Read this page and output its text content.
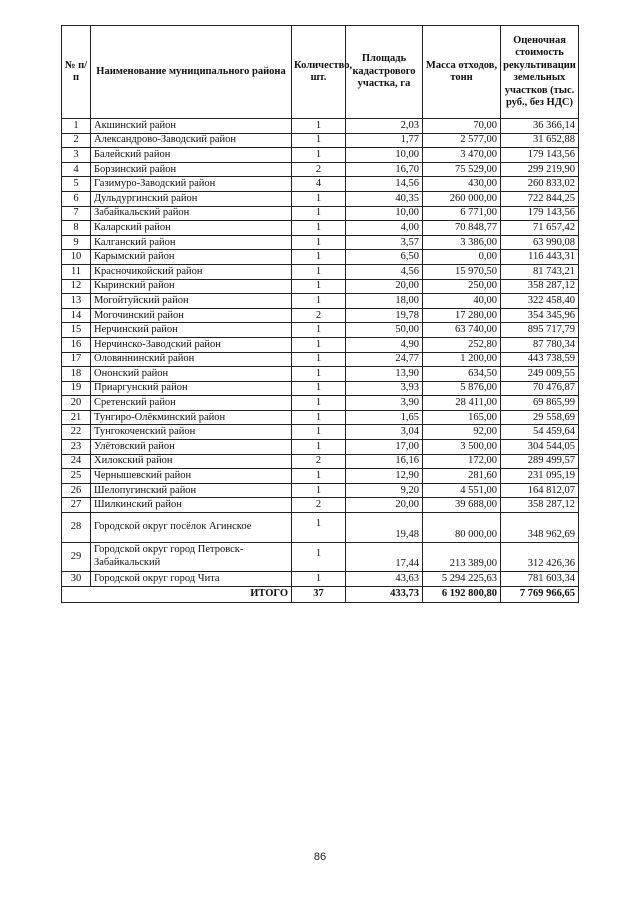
№ п/п	Наименование муниципального района	Количество, шт.	Площадь кадастрового участка, га	Масса отходов, тонн	Оценочная стоимость рекультивации земельных участков (тыс. руб., без НДС)
1	Акшинский район	1	2,03	70,00	36 366,14
2	Александрово-Заводский район	1	1,77	2 577,00	31 652,88
3	Балейский район	1	10,00	3 470,00	179 143,56
4	Борзинский район	2	16,70	75 529,00	299 219,90
5	Газимуро-Заводский район	4	14,56	430,00	260 833,02
6	Дульдургинский район	1	40,35	260 000,00	722 844,25
7	Забайкальский район	1	10,00	6 771,00	179 143,56
8	Каларский район	1	4,00	70 848,77	71 657,42
9	Калганский район	1	3,57	3 386,00	63 990,08
10	Карымский район	1	6,50	0,00	116 443,31
11	Красночикойский район	1	4,56	15 970,50	81 743,21
12	Кыринский район	1	20,00	250,00	358 287,12
13	Могойтуйский район	1	18,00	40,00	322 458,40
14	Могочинский район	2	19,78	17 280,00	354 345,96
15	Нерчинский район	1	50,00	63 740,00	895 717,79
16	Нерчинско-Заводский район	1	4,90	252,80	87 780,34
17	Оловяннинский район	1	24,77	1 200,00	443 738,59
18	Ононский район	1	13,90	634,50	249 009,55
19	Приаргунский район	1	3,93	5 876,00	70 476,87
20	Сретенский район	1	3,90	28 411,00	69 865,99
21	Тунгиро-Олёкминский район	1	1,65	165,00	29 558,69
22	Тунгокоченский район	1	3,04	92,00	54 459,64
23	Улётовский район	1	17,00	3 500,00	304 544,05
24	Хилокский район	2	16,16	172,00	289 499,57
25	Чернышевский район	1	12,90	281,60	231 095,19
26	Шелопугинский район	1	9,20	4 551,00	164 812,07
27	Шилкинский район	2	20,00	39 688,00	358 287,12
28	Городской округ посёлок Агинское	1	19,48	80 000,00	348 962,69
29	Городской округ город Петровск-Забайкальский	1	17,44	213 389,00	312 426,36
30	Городской округ город Чита	1	43,63	5 294 225,63	781 603,34
ИТОГО		37	433,73	6 192 800,80	7 769 966,65
86
